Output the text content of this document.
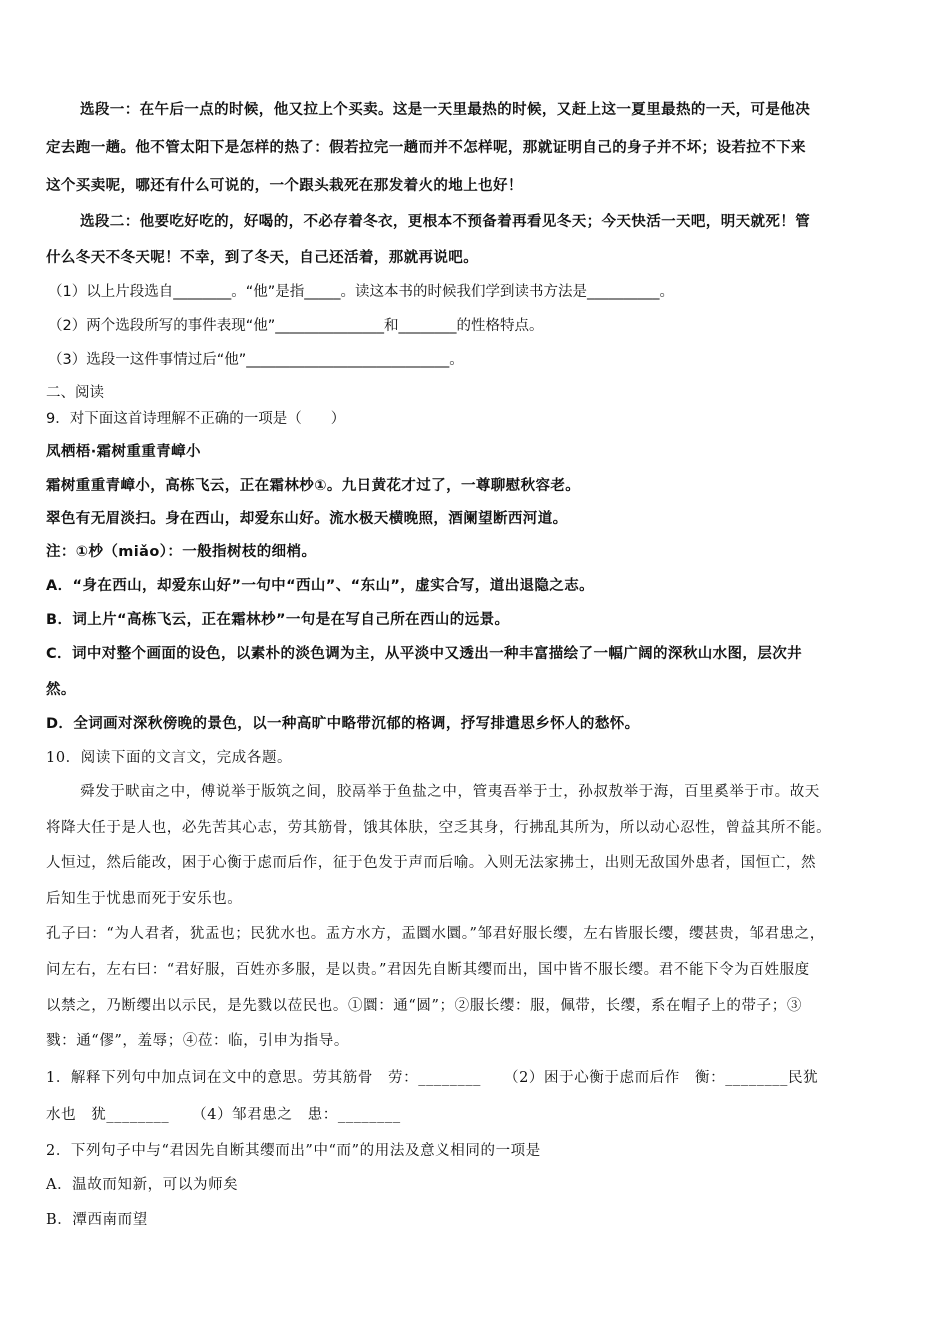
选段一：在午后一点的时候，他又拉上个买卖。这是一天里最热的时候，又赶上这一夏里最热的一天，可是他决
定去跑一趟。他不管太阳下是怎样的热了：假若拉完一趟而并不怎样呢，那就证明自己的身子并不坏；设若拉不下来
这个买卖呢，哪还有什么可说的，一个跟头栽死在那发着火的地上也好！
选段二：他要吃好吃的，好喝的，不必存着冬衣，更根本不预备着再看见冬天；今天快活一天吧，明天就死！管
什么冬天不冬天呢！不幸，到了冬天，自己还活着，那就再说吧。
（1）以上片段选自________。“他”是指_____。读这本书的时候我们学到读书方法是__________。
（2）两个选段所写的事件表现“他”_______________和________的性格特点。
（3）选段一这件事情过后“他”____________________________。
二、阅读
9．对下面这首诗理解不正确的一项是（　　）
凤栖梧·霜树重重青嶂小
霜树重重青嶂小，高栋飞云，正在霜林杪①。九日黄花才过了，一尊聊慰秋容老。
翠色有无眉淡扫。身在西山，却爱东山好。流水极天横晚照，酒阑望断西河道。
注：①杪（miǎo）：一般指树枝的细梢。
A．“身在西山，却爱东山好”一句中“西山”、“东山”，虚实合写，道出退隐之志。
B．词上片“高栋飞云，正在霜林杪”一句是在写自己所在西山的远景。
C．词中对整个画面的设色，以素朴的淡色调为主，从平淡中又透出一种丰富描绘了一幅广阔的深秋山水图，层次井
然。
D．全词画对深秋傍晚的景色，以一种高旷中略带沉郁的格调，抒写排遣思乡怀人的愁怀。
10．阅读下面的文言文，完成各题。
舜发于畎亩之中，傅说举于版筑之间，胶鬲举于鱼盐之中，管夷吾举于士，孙叔敖举于海，百里奚举于市。故天
将降大任于是人也，必先苦其心志，劳其筋骨，饿其体肤，空乏其身，行拂乱其所为，所以动心忍性，曾益其所不能。
人恒过，然后能改，困于心衡于虑而后作，征于色发于声而后喻。入则无法家拂士，出则无敌国外患者，国恒亡，然
后知生于忧患而死于安乐也。
孔子曰：“为人君者，犹盂也；民犹水也。盂方水方，盂圜水圜。”邹君好服长缨，左右皆服长缨，缨甚贵，邹君患之，
问左右，左右曰：“君好服，百姓亦多服，是以贵。”君因先自断其缨而出，国中皆不服长缨。君不能下令为百姓服度
以禁之，乃断缨出以示民，是先戮以莅民也。①圜：通“圆”；②服长缨：服，佩带，长缨，系在帽子上的带子；③
戮：通“僇”，羞辱；④莅：临，引申为指导。
1．解释下列句中加点词在文中的意思。劳其筋骨　劳：________　　（2）困于心衡于虑而后作　衡：________民犹
水也　犹________　　（4）邹君患之　患：________
2．下列句子中与“君因先自断其缨而出”中“而”的用法及意义相同的一项是
A．温故而知新，可以为师矣
B．潭西南而望
